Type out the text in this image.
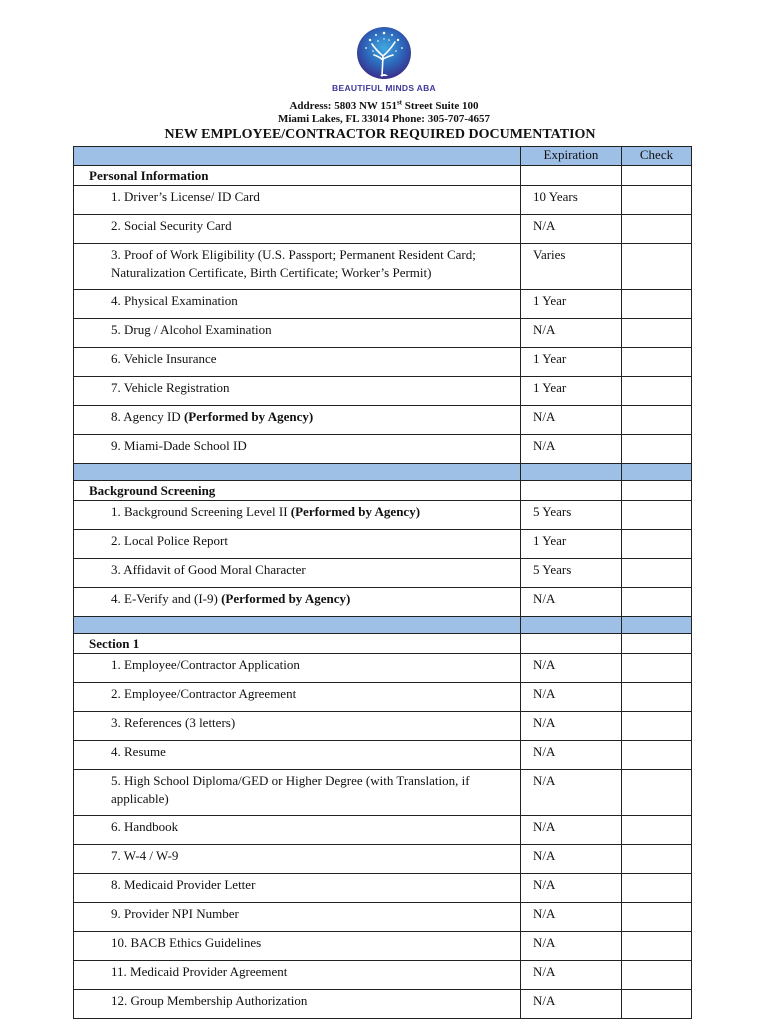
BEAUTIFUL MINDS ABA
Address: 5803 NW 151st Street Suite 100
Miami Lakes, FL 33014 Phone: 305-707-4657
NEW EMPLOYEE/CONTRACTOR REQUIRED DOCUMENTATION
	Expiration	Check
Personal Information		
1. Driver’s License/ ID Card	10 Years	
2. Social Security Card	N/A	
3. Proof of Work Eligibility (U.S. Passport; Permanent Resident Card; Naturalization Certificate, Birth Certificate; Worker’s Permit)	Varies	
4. Physical Examination	1 Year	
5. Drug / Alcohol Examination	N/A	
6. Vehicle Insurance	1 Year	
7. Vehicle Registration	1 Year	
8. Agency ID (Performed by Agency)	N/A	
9. Miami-Dade School ID	N/A	

Background Screening		
1. Background Screening Level II (Performed by Agency)	5 Years	
2. Local Police Report	1 Year	
3. Affidavit of Good Moral Character	5 Years	
4. E-Verify and (I-9) (Performed by Agency)	N/A	

Section 1		
1. Employee/Contractor Application	N/A	
2. Employee/Contractor Agreement	N/A	
3. References (3 letters)	N/A	
4. Resume	N/A	
5. High School Diploma/GED or Higher Degree (with Translation, if applicable)	N/A	
6. Handbook	N/A	
7. W-4 / W-9	N/A	
8. Medicaid Provider Letter	N/A	
9. Provider NPI Number	N/A	
10. BACB Ethics Guidelines	N/A	
11. Medicaid Provider Agreement	N/A	
12. Group Membership Authorization	N/A	
